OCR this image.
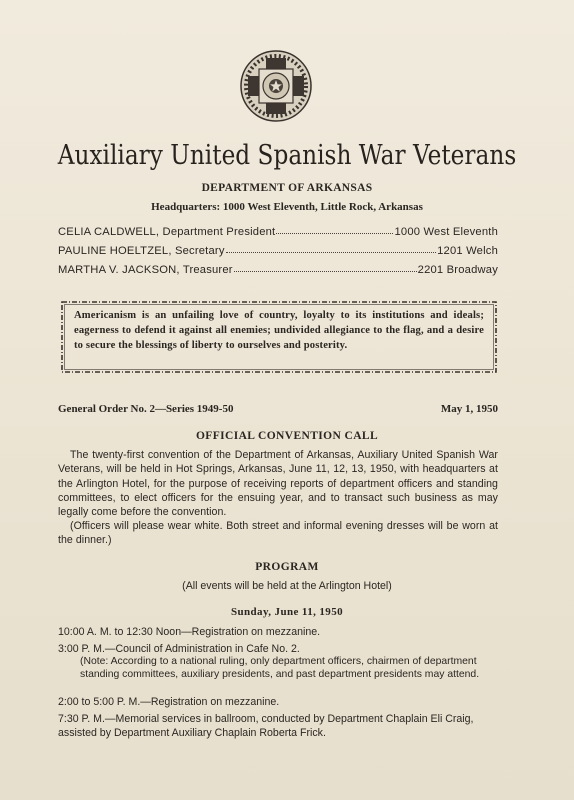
Auxiliary United Spanish War Veterans
DEPARTMENT OF ARKANSAS
Headquarters: 1000 West Eleventh, Little Rock, Arkansas
CELIA CALDWELL, Department President	1000 West Eleventh
PAULINE HOELTZEL, Secretary	1201 Welch
MARTHA V. JACKSON, Treasurer	2201 Broadway
Americanism is an unfailing love of country, loyalty to its institutions and ideals; eagerness to defend it against all enemies; undivided allegiance to the flag, and a desire to secure the blessings of liberty to ourselves and posterity.
General Order No. 2—Series 1949-50	May 1, 1950
OFFICIAL CONVENTION CALL
The twenty-first convention of the Department of Arkansas, Auxiliary United Spanish War Veterans, will be held in Hot Springs, Arkansas, June 11, 12, 13, 1950, with headquarters at the Arlington Hotel, for the purpose of receiving reports of department officers and standing committees, to elect officers for the ensuing year, and to transact such business as may legally come before the convention.
(Officers will please wear white. Both street and informal evening dresses will be worn at the dinner.)
PROGRAM
(All events will be held at the Arlington Hotel)
Sunday, June 11, 1950
10:00 A. M. to 12:30 Noon—Registration on mezzanine.
3:00 P. M.—Council of Administration in Cafe No. 2.
(Note: According to a national ruling, only department officers, chairmen of department standing committees, auxiliary presidents, and past department presidents may attend.
2:00 to 5:00 P. M.—Registration on mezzanine.
7:30 P. M.—Memorial services in ballroom, conducted by Department Chaplain Eli Craig, assisted by Department Auxiliary Chaplain Roberta Frick.
